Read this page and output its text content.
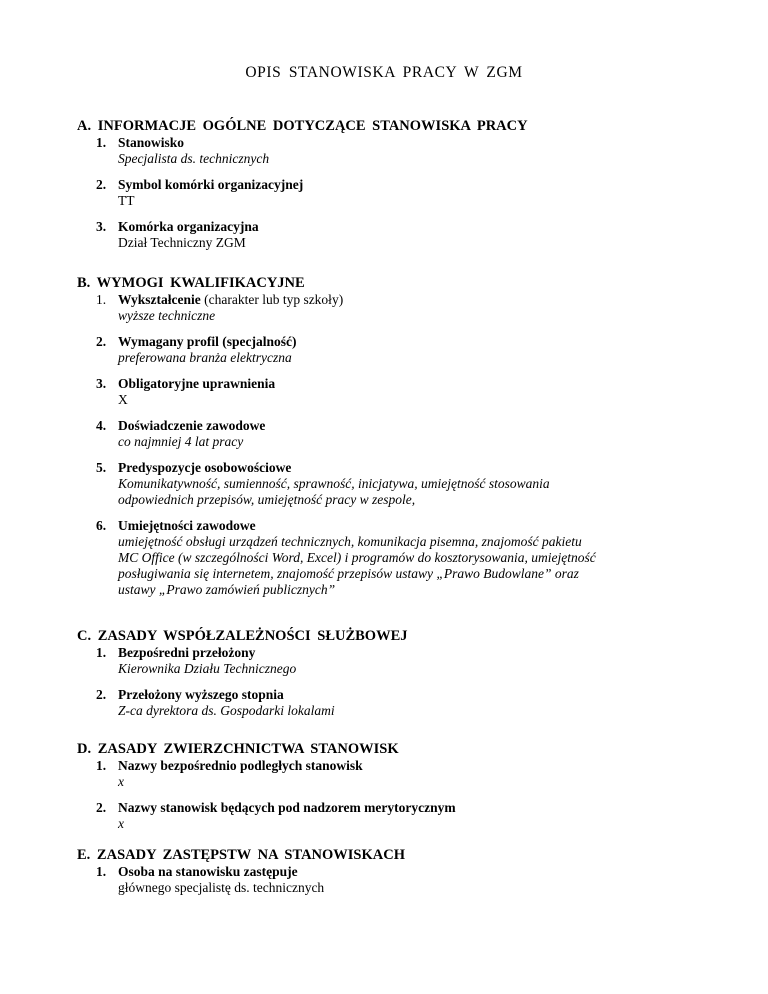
OPIS STANOWISKA PRACY W ZGM
A. INFORMACJE OGÓLNE DOTYCZĄCE STANOWISKA PRACY
1. Stanowisko
Specjalista ds. technicznych
2. Symbol komórki organizacyjnej
TT
3. Komórka organizacyjna
Dział Techniczny ZGM
B. WYMOGI KWALIFIKACYJNE
1. Wykształcenie (charakter lub typ szkoły)
wyższe techniczne
2. Wymagany profil (specjalność)
preferowana branża elektryczna
3. Obligatoryjne uprawnienia
X
4. Doświadczenie zawodowe
co najmniej 4 lat pracy
5. Predyspozycje osobowościowe
Komunikatywność, sumienność, sprawność, inicjatywa, umiejętność stosowania
odpowiednich przepisów, umiejętność pracy w zespole,
6. Umiejętności zawodowe
umiejętność obsługi urządzeń technicznych, komunikacja pisemna, znajomość pakietu
MC Office (w szczególności Word, Excel) i programów do kosztorysowania, umiejętność
posługiwania się internetem, znajomość przepisów ustawy „Prawo Budowlane” oraz
ustawy „Prawo zamówień publicznych”
C. ZASADY WSPÓŁZALEŻNOŚCI SŁUŻBOWEJ
1. Bezpośredni przełożony
Kierownika Działu Technicznego
2. Przełożony wyższego stopnia
Z-ca dyrektora ds. Gospodarki lokalami
D. ZASADY ZWIERZCHNICTWA STANOWISK
1. Nazwy bezpośrednio podległych stanowisk
x
2. Nazwy stanowisk będących pod nadzorem merytorycznym
x
E. ZASADY ZASTĘPSTW NA STANOWISKACH
1. Osoba na stanowisku zastępuje
głównego specjalistę ds. technicznych
